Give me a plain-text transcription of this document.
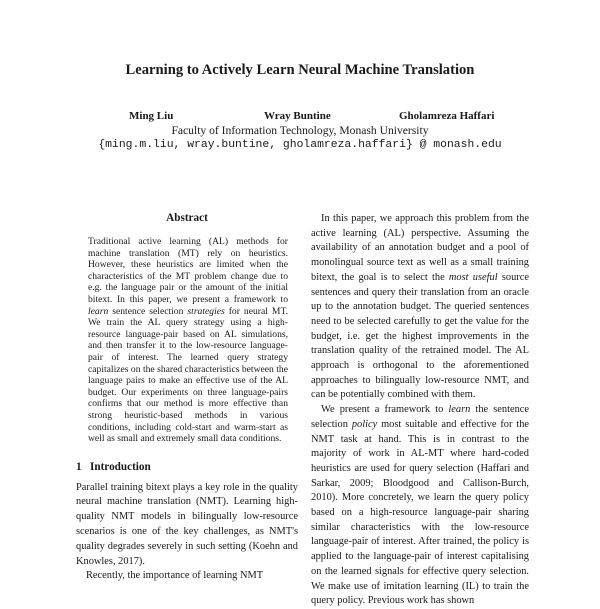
Learning to Actively Learn Neural Machine Translation
Ming Liu	Wray Buntine	Gholamreza Haffari
Faculty of Information Technology, Monash University
{ming.m.liu, wray.buntine, gholamreza.haffari} @ monash.edu
Abstract

Traditional active learning (AL) methods for machine translation (MT) rely on heuristics. However, these heuristics are limited when the characteristics of the MT problem change due to e.g. the language pair or the amount of the initial bitext. In this paper, we present a framework to learn sentence selection strategies for neural MT. We train the AL query strategy using a high-resource language-pair based on AL simulations, and then transfer it to the low-resource language-pair of interest. The learned query strategy capitalizes on the shared characteristics between the language pairs to make an effective use of the AL budget. Our experiments on three language-pairs confirms that our method is more effective than strong heuristic-based methods in various conditions, including cold-start and warm-start as well as small and extremely small data conditions.

1 Introduction

Parallel training bitext plays a key role in the quality neural machine translation (NMT). Learning high-quality NMT models in bilingually low-resource scenarios is one of the key challenges, as NMT's quality degrades severely in such setting (Koehn and Knowles, 2017).

Recently, the importance of learning NMT

In this paper, we approach this problem from the active learning (AL) perspective. Assuming the availability of an annotation budget and a pool of monolingual source text as well as a small training bitext, the goal is to select the most useful source sentences and query their translation from an oracle up to the annotation budget. The queried sentences need to be selected carefully to get the value for the budget, i.e. get the highest improvements in the translation quality of the retrained model. The AL approach is orthogonal to the aforementioned approaches to bilingually low-resource NMT, and can be potentially combined with them.

We present a framework to learn the sentence selection policy most suitable and effective for the NMT task at hand. This is in contrast to the majority of work in AL-MT where hard-coded heuristics are used for query selection (Haffari and Sarkar, 2009; Bloodgood and Callison-Burch, 2010). More concretely, we learn the query policy based on a high-resource language-pair sharing similar characteristics with the low-resource language-pair of interest. After trained, the policy is applied to the language-pair of interest capitalising on the learned signals for effective query selection. We make use of imitation learning (IL) to train the query policy. Previous work has shown
